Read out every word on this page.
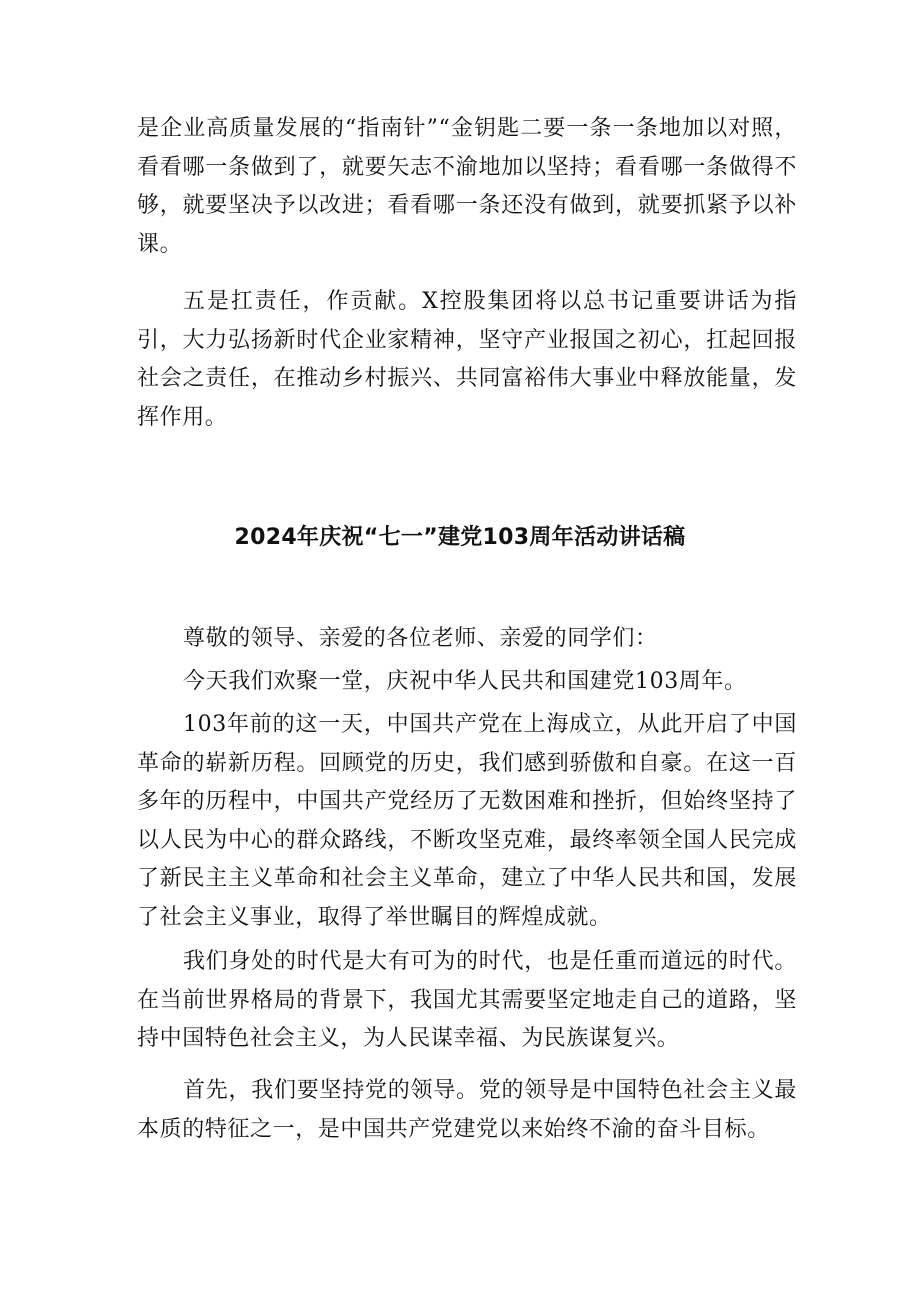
是企业高质量发展的“指南针”“金钥匙二要一条一条地加以对照，看看哪一条做到了，就要矢志不渝地加以坚持；看看哪一条做得不够，就要坚决予以改进；看看哪一条还没有做到，就要抓紧予以补课。

五是扛责任，作贡献。X控股集团将以总书记重要讲话为指引，大力弘扬新时代企业家精神，坚守产业报国之初心，扛起回报社会之责任，在推动乡村振兴、共同富裕伟大事业中释放能量，发挥作用。

2024年庆祝“七一”建党103周年活动讲话稿

尊敬的领导、亲爱的各位老师、亲爱的同学们：

今天我们欢聚一堂，庆祝中华人民共和国建党103周年。

103年前的这一天，中国共产党在上海成立，从此开启了中国革命的崭新历程。回顾党的历史，我们感到骄傲和自豪。在这一百多年的历程中，中国共产党经历了无数困难和挫折，但始终坚持了以人民为中心的群众路线，不断攻坚克难，最终率领全国人民完成了新民主主义革命和社会主义革命，建立了中华人民共和国，发展了社会主义事业，取得了举世瞩目的辉煌成就。

我们身处的时代是大有可为的时代，也是任重而道远的时代。在当前世界格局的背景下，我国尤其需要坚定地走自己的道路，坚持中国特色社会主义，为人民谋幸福、为民族谋复兴。

首先，我们要坚持党的领导。党的领导是中国特色社会主义最本质的特征之一，是中国共产党建党以来始终不渝的奋斗目标。
